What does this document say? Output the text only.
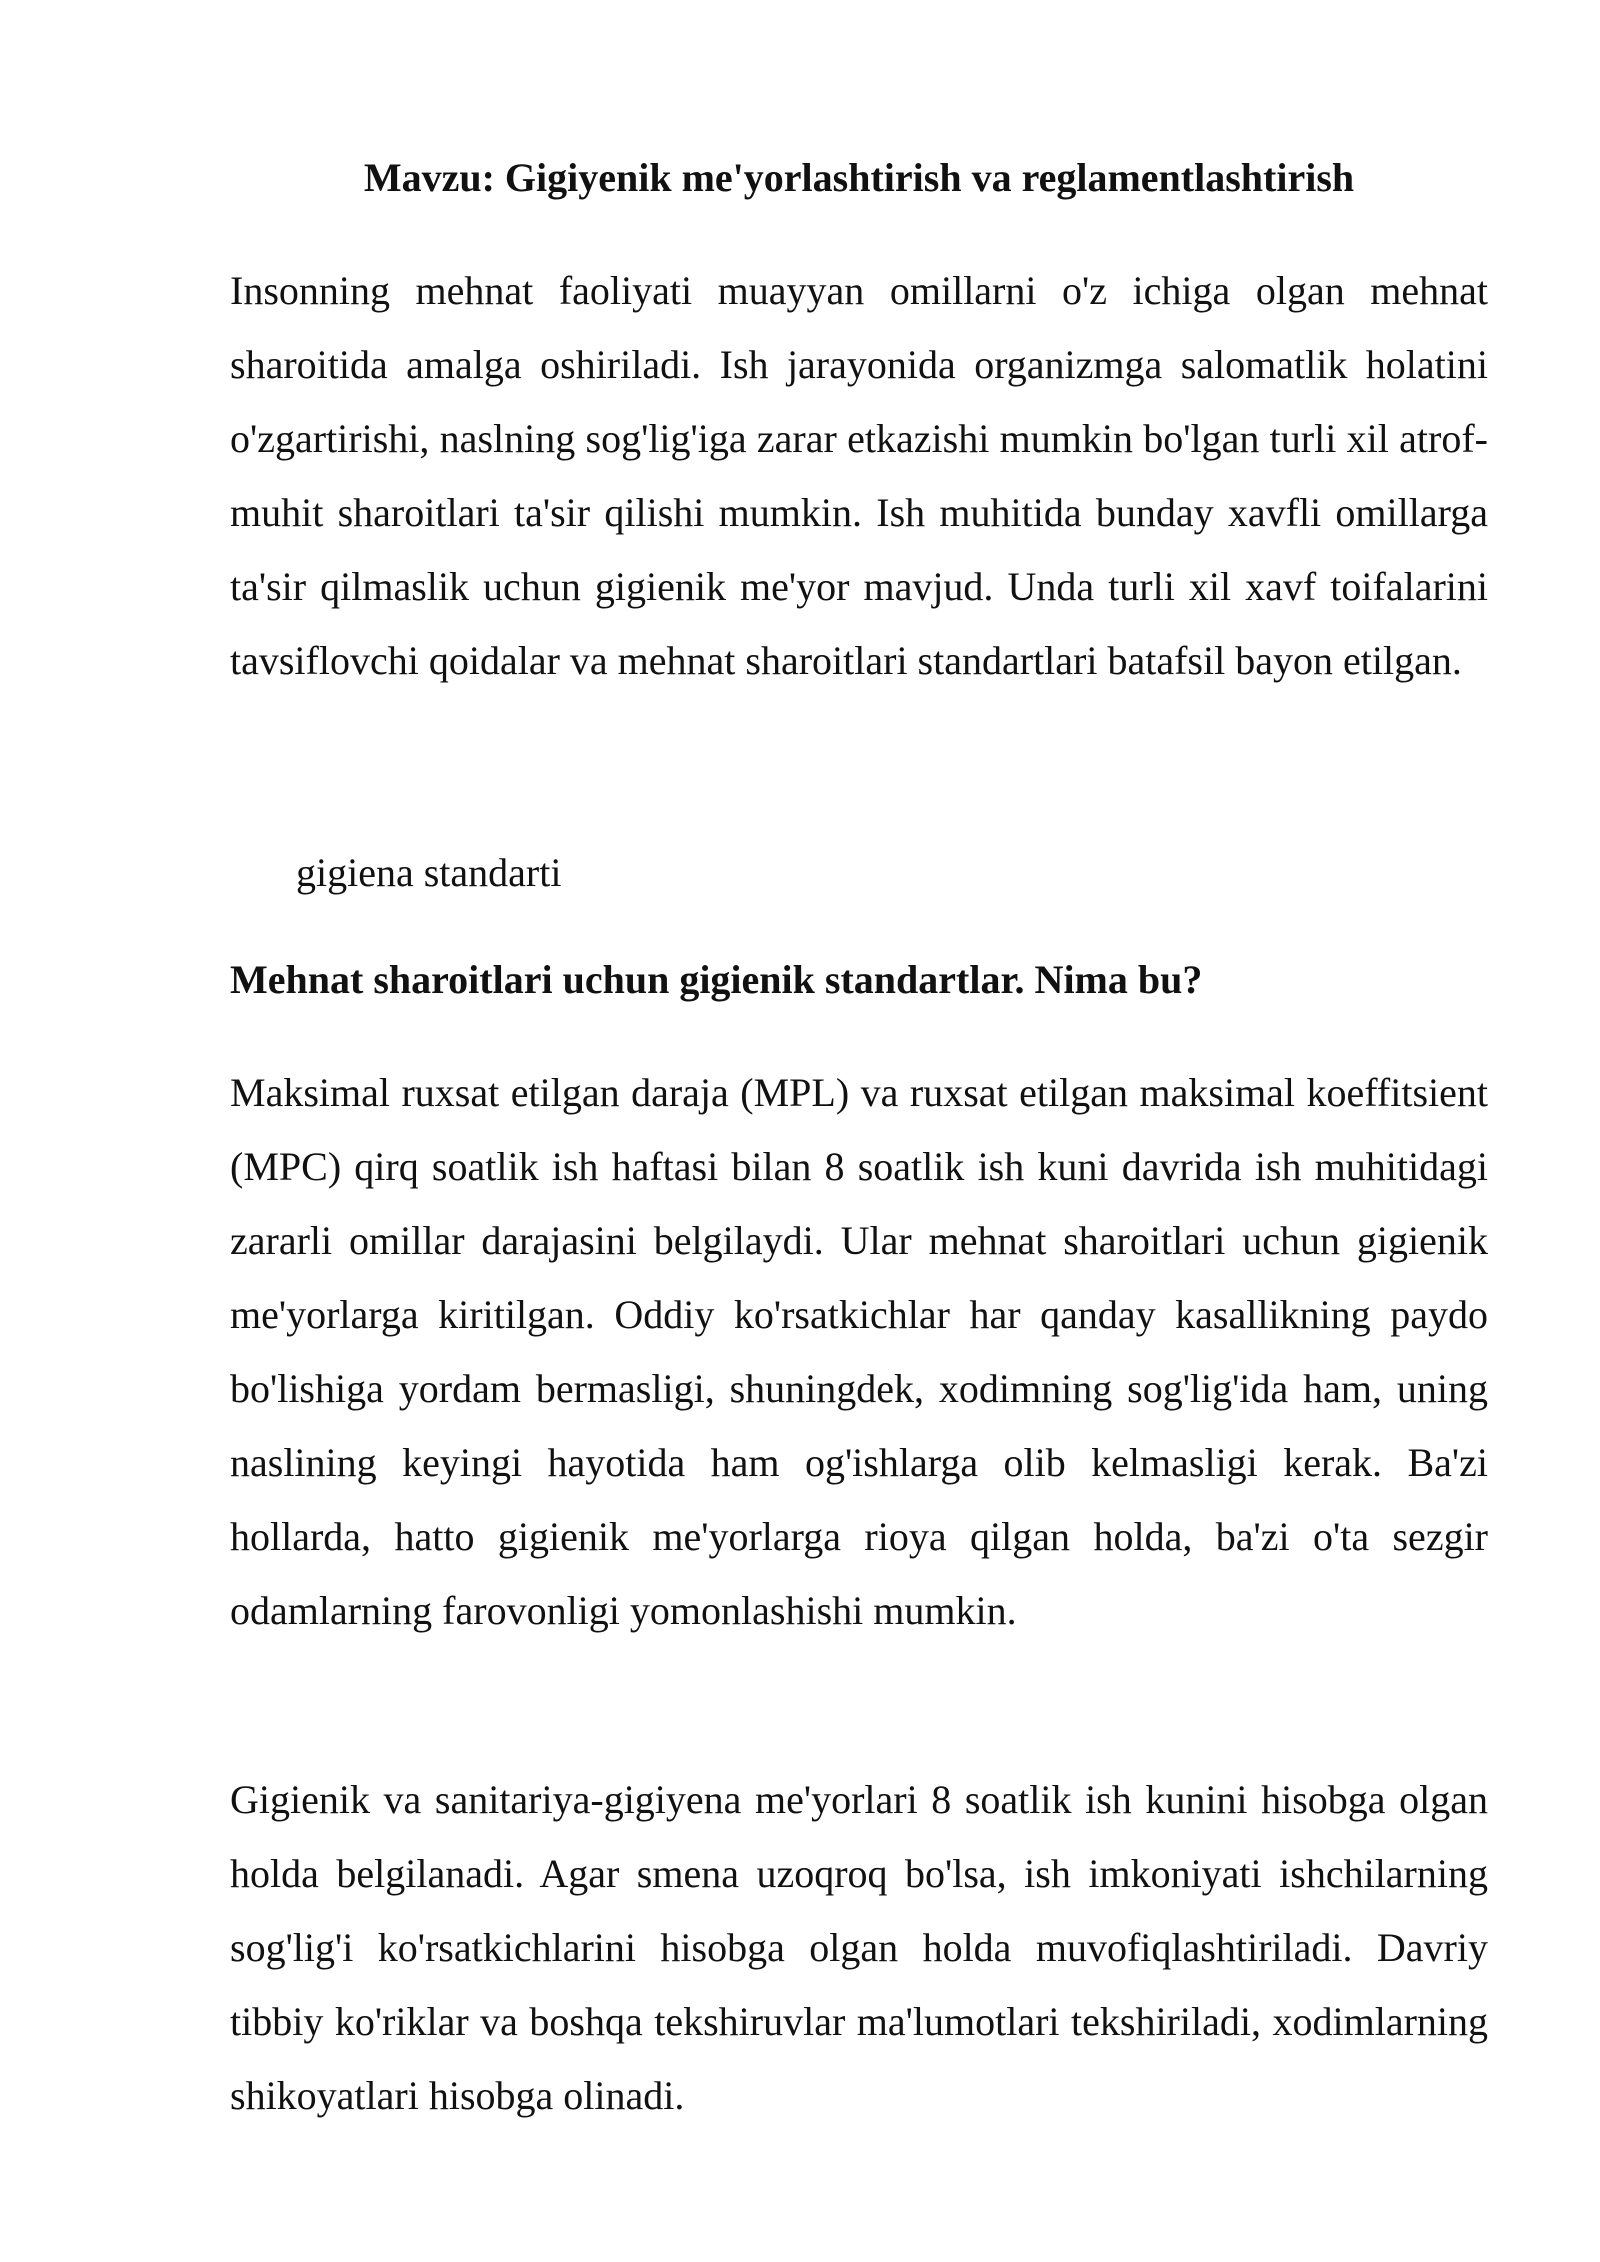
Mavzu: Gigiyenik me'yorlashtirish va reglamentlashtirish

Insonning mehnat faoliyati muayyan omillarni o'z ichiga olgan mehnat sharoitida amalga oshiriladi. Ish jarayonida organizmga salomatlik holatini o'zgartirishi, naslning sog'lig'iga zarar etkazishi mumkin bo'lgan turli xil atrof-muhit sharoitlari ta'sir qilishi mumkin. Ish muhitida bunday xavfli omillarga ta'sir qilmaslik uchun gigienik me'yor mavjud. Unda turli xil xavf toifalarini tavsiflovchi qoidalar va mehnat sharoitlari standartlari batafsil bayon etilgan.

gigiena standarti

Mehnat sharoitlari uchun gigienik standartlar. Nima bu?

Maksimal ruxsat etilgan daraja (MPL) va ruxsat etilgan maksimal koeffitsient (MPC) qirq soatlik ish haftasi bilan 8 soatlik ish kuni davrida ish muhitidagi zararli omillar darajasini belgilaydi. Ular mehnat sharoitlari uchun gigienik me'yorlarga kiritilgan. Oddiy ko'rsatkichlar har qanday kasallikning paydo bo'lishiga yordam bermasligi, shuningdek, xodimning sog'lig'ida ham, uning naslining keyingi hayotida ham og'ishlarga olib kelmasligi kerak. Ba'zi hollarda, hatto gigienik me'yorlarga rioya qilgan holda, ba'zi o'ta sezgir odamlarning farovonligi yomonlashishi mumkin.

Gigienik va sanitariya-gigiyena me'yorlari 8 soatlik ish kunini hisobga olgan holda belgilanadi. Agar smena uzoqroq bo'lsa, ish imkoniyati ishchilarning sog'lig'i ko'rsatkichlarini hisobga olgan holda muvofiqlashtiriladi. Davriy tibbiy ko'riklar va boshqa tekshiruvlar ma'lumotlari tekshiriladi, xodimlarning shikoyatlari hisobga olinadi.
